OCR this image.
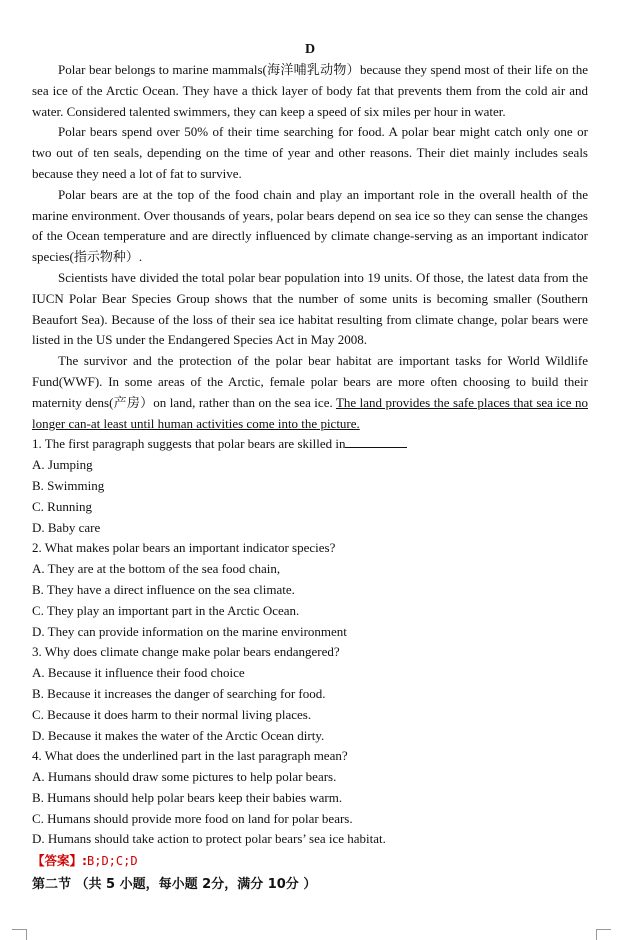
D

Polar bear belongs to marine mammals(海洋哺乳动物）because they spend most of their life on the sea ice of the Arctic Ocean. They have a thick layer of body fat that prevents them from the cold air and water. Considered talented swimmers, they can keep a speed of six miles per hour in water.

Polar bears spend over 50% of their time searching for food. A polar bear might catch only one or two out of ten seals, depending on the time of year and other reasons. Their diet mainly includes seals because they need a lot of fat to survive.

Polar bears are at the top of the food chain and play an important role in the overall health of the marine environment. Over thousands of years, polar bears depend on sea ice so they can sense the changes of the Ocean temperature and are directly influenced by climate change-serving as an important indicator species(指示物种）.

Scientists have divided the total polar bear population into 19 units. Of those, the latest data from the IUCN Polar Bear Species Group shows that the number of some units is becoming smaller (Southern Beaufort Sea). Because of the loss of their sea ice habitat resulting from climate change, polar bears were listed in the US under the Endangered Species Act in May 2008.

The survivor and the protection of the polar bear habitat are important tasks for World Wildlife Fund(WWF). In some areas of the Arctic, female polar bears are more often choosing to build their maternity dens(产房）on land, rather than on the sea ice. The land provides the safe places that sea ice no longer can-at least until human activities come into the picture.

1. The first paragraph suggests that polar bears are skilled in

A. Jumping

B. Swimming

C. Running

D. Baby care

2. What makes polar bears an important indicator species?

A. They are at the bottom of the sea food chain,

B. They have a direct influence on the sea climate.

C. They play an important part in the Arctic Ocean.

D. They can provide information on the marine environment

3. Why does climate change make polar bears endangered?

A. Because it influence their food choice

B. Because it increases the danger of searching for food.

C. Because it does harm to their normal living places.

D. Because it makes the water of the Arctic Ocean dirty.

4. What does the underlined part in the last paragraph mean?

A. Humans should draw some pictures to help polar bears.

B. Humans should help polar bears keep their babies warm.

C. Humans should provide more food on land for polar bears.

D. Humans should take action to protect polar bears’ sea ice habitat.

【答案】:B;D;C;D

第二节 （共 5 小题，每小题 2分，满分 10分 ）
